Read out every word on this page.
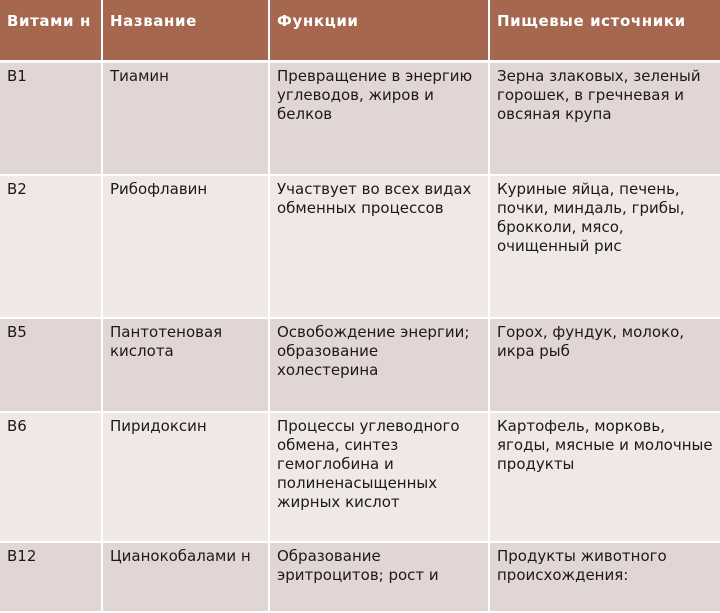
Витами н	Название	Функции	Пищевые источники
B1	Тиамин	Превращение в энергию углеводов, жиров и белков	Зерна злаковых, зеленый горошек, в гречневая и овсяная крупа
B2	Рибофлавин	Участвует во всех видах обменных процессов	Куриные яйца, печень, почки, миндаль, грибы, брокколи, мясо, очищенный рис
B5	Пантотеновая кислота	Освобождение энергии; образование холестерина	Горох, фундук, молоко, икра рыб
B6	Пиридоксин	Процессы углеводного обмена, синтез гемоглобина и полиненасыщенных жирных кислот	Картофель, морковь, ягоды, мясные и молочные продукты
B12	Цианокобалами н	Образование эритроцитов; рост и	Продукты животного происхождения:
